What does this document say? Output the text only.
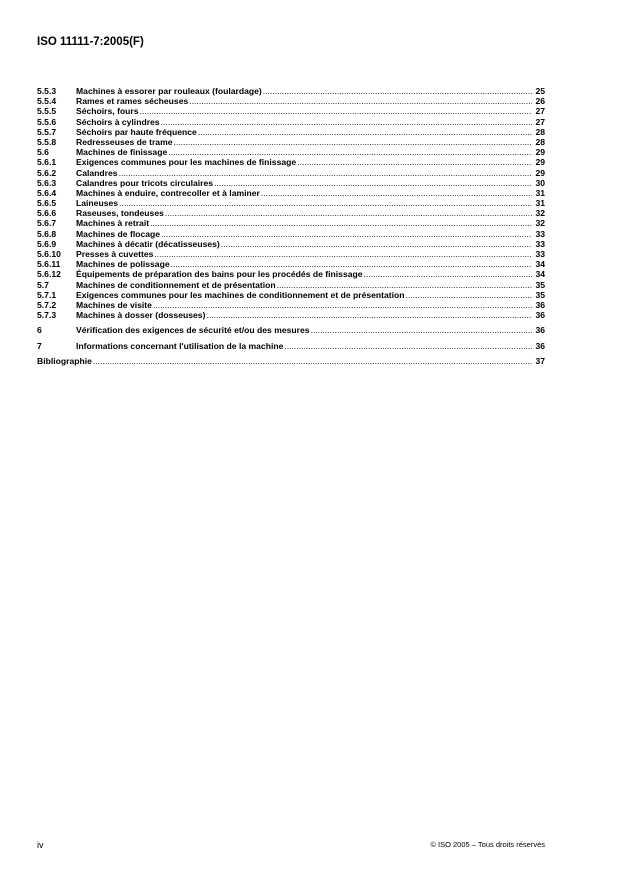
ISO 11111-7:2005(F)
5.5.3	Machines à essorer par rouleaux (foulardage) .....	25
5.5.4	Rames et rames sécheuses .....	26
5.5.5	Séchoirs, fours .....	27
5.5.6	Séchoirs à cylindres .....	27
5.5.7	Séchoirs par haute fréquence .....	28
5.5.8	Redresseuses de trame .....	28
5.6	Machines de finissage .....	29
5.6.1	Exigences communes pour les machines de finissage .....	29
5.6.2	Calandres .....	29
5.6.3	Calandres pour tricots circulaires .....	30
5.6.4	Machines à enduire, contrecoller et à laminer .....	31
5.6.5	Laineuses .....	31
5.6.6	Raseuses, tondeuses .....	32
5.6.7	Machines à retrait .....	32
5.6.8	Machines de flocage .....	33
5.6.9	Machines à décatir (décatisseuses) .....	33
5.6.10	Presses à cuvettes .....	33
5.6.11	Machines de polissage .....	34
5.6.12	Équipements de préparation des bains pour les procédés de finissage .....	34
5.7	Machines de conditionnement et de présentation .....	35
5.7.1	Exigences communes pour les machines de conditionnement et de présentation .....	35
5.7.2	Machines de visite .....	36
5.7.3	Machines à dosser (dosseuses) .....	36
6	Vérification des exigences de sécurité et/ou des mesures .....	36
7	Informations concernant l'utilisation de la machine .....	36
Bibliographie .....	37
iv	© ISO 2005 – Tous droits réservés
